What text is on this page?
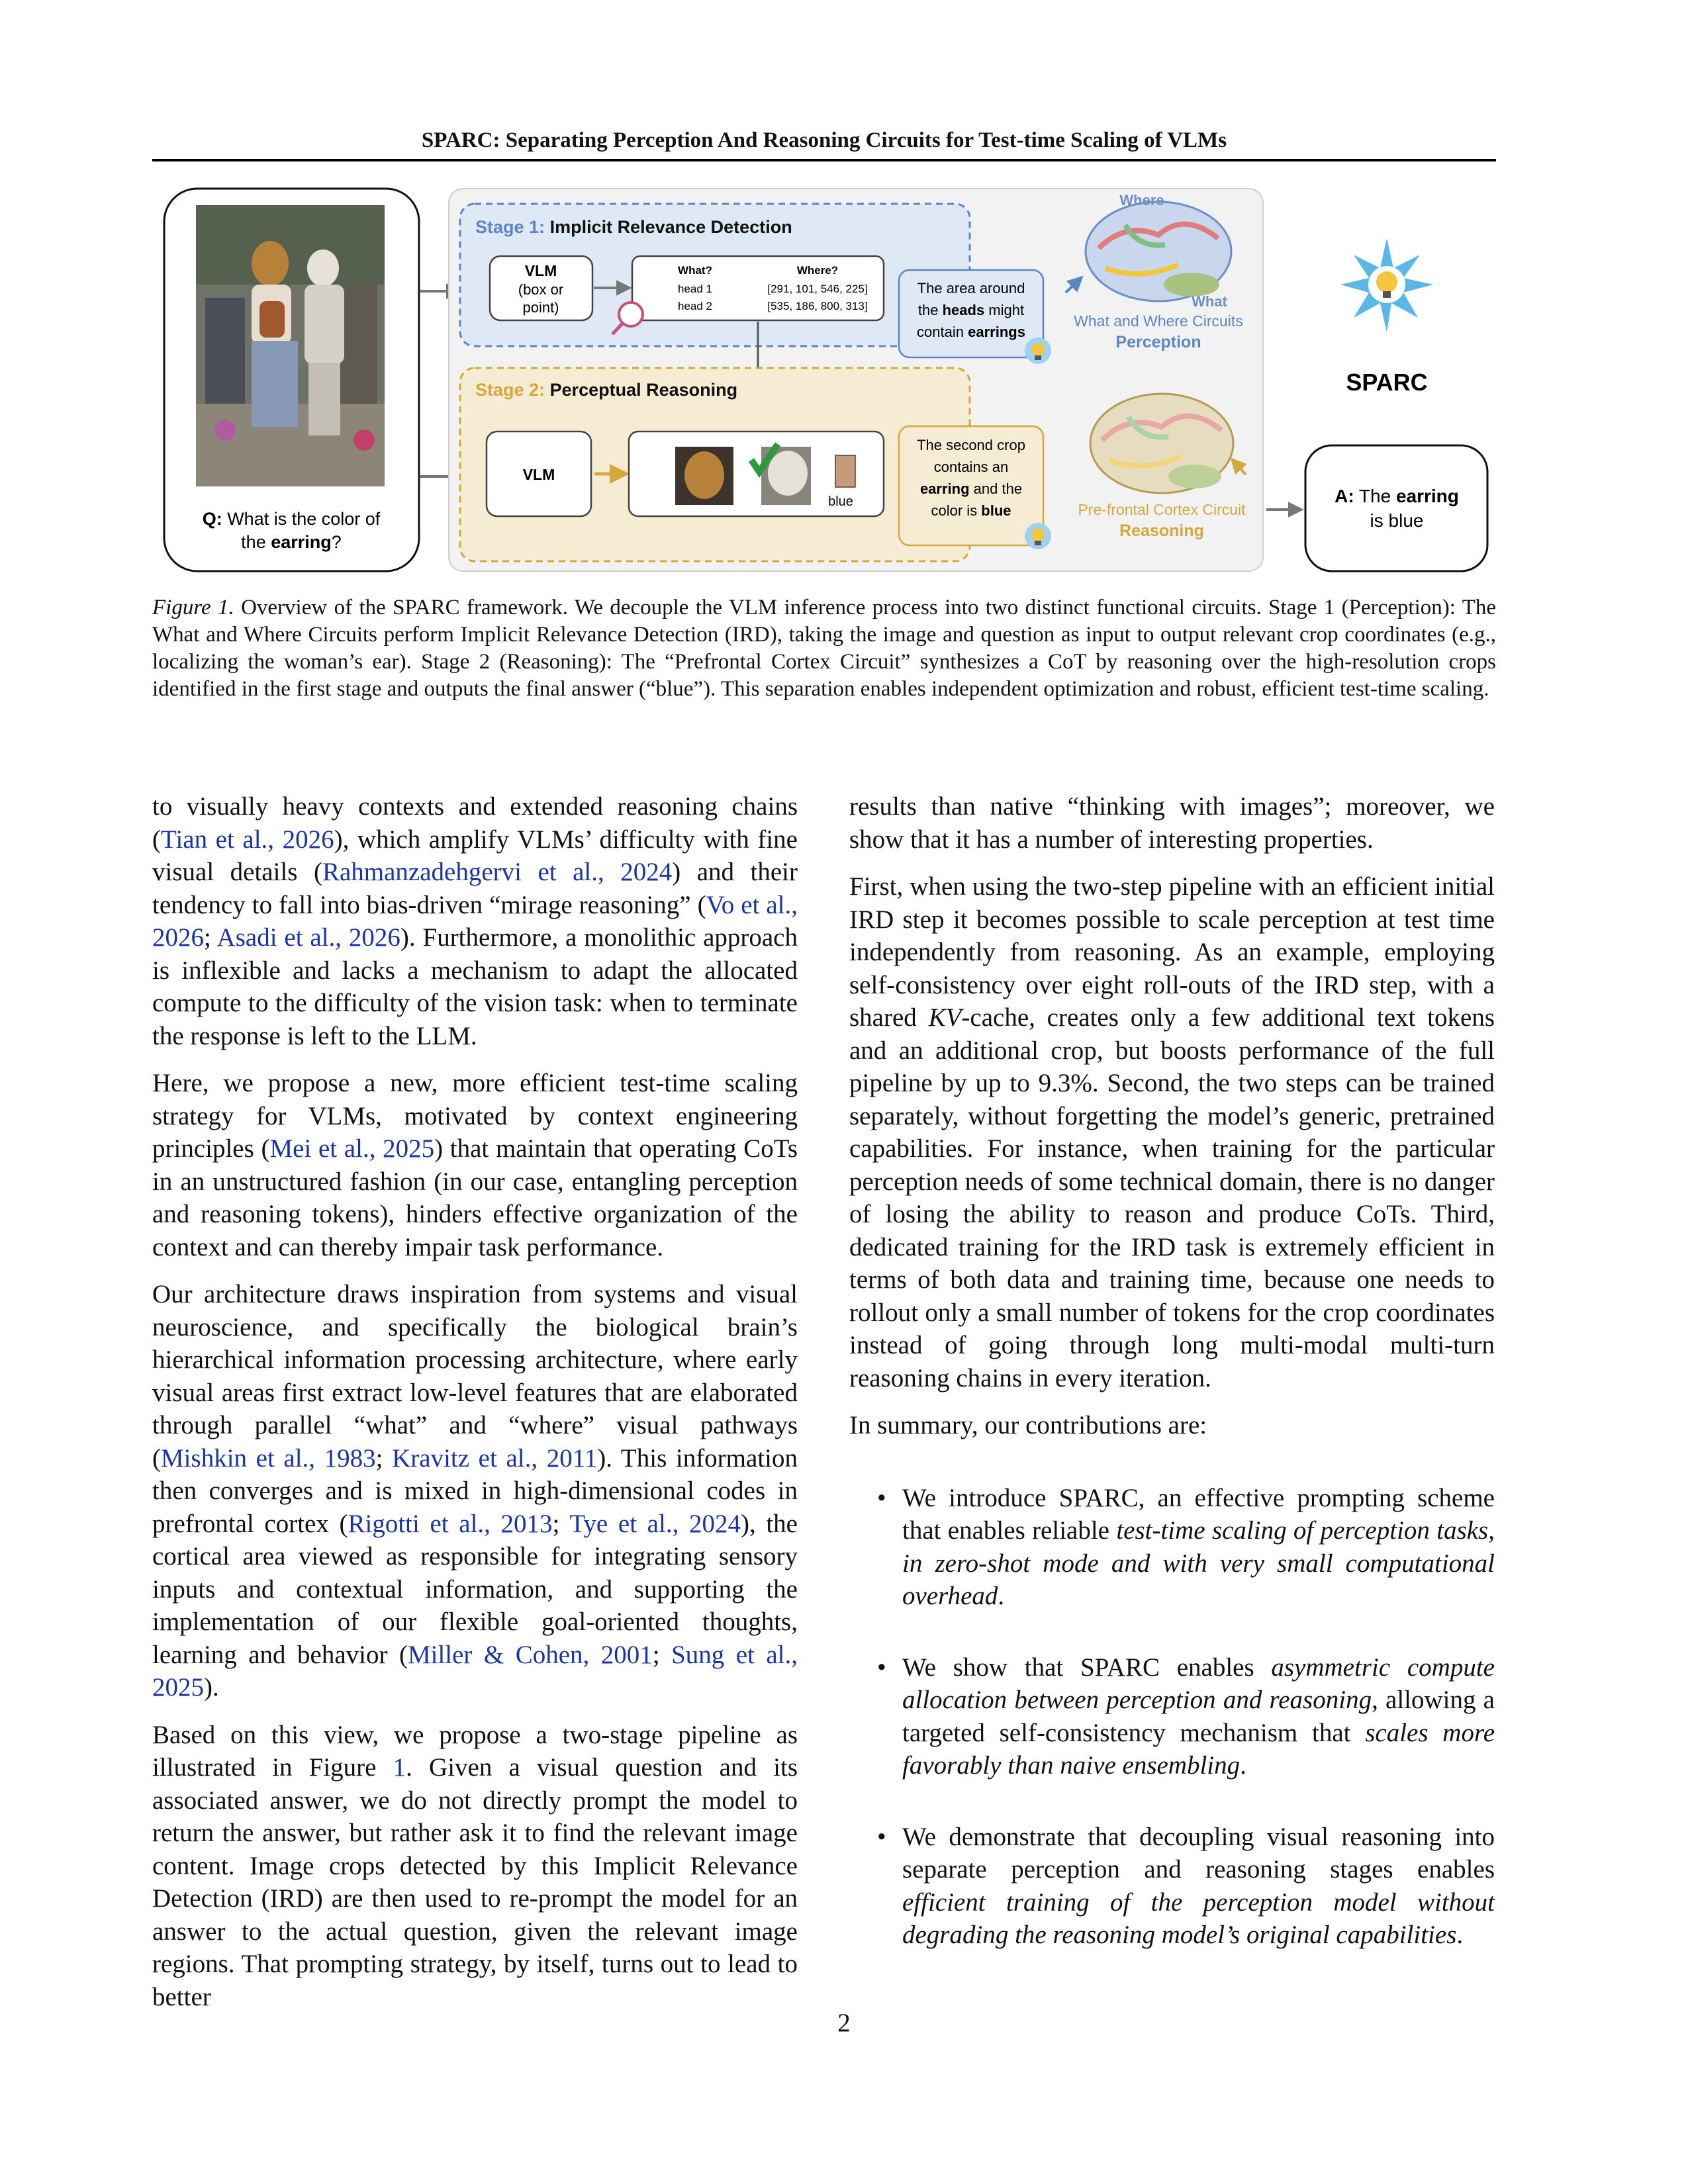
SPARC: Separating Perception And Reasoning Circuits for Test-time Scaling of VLMs
Q: What is the color of
the earring?
Stage 1: Implicit Relevance Detection
VLM
(box or
point)
What?	Where?
head 1	[291, 101, 546, 225]
head 2	[535, 186, 800, 313]
The area around
the heads might
contain earrings
Where
What
What and Where Circuits
Perception
Stage 2: Perceptual Reasoning
VLM
blue
The second crop
contains an
earring and the
color is blue	Pre-frontal Cortex Circuit
Reasoning
SPARC
A: The earring
is blue
Figure 1. Overview of the SPARC framework. We decouple the VLM inference process into two distinct functional circuits. Stage 1 (Perception): The What and Where Circuits perform Implicit Relevance Detection (IRD), taking the image and question as input to output relevant crop coordinates (e.g., localizing the woman’s ear). Stage 2 (Reasoning): The “Prefrontal Cortex Circuit” synthesizes a CoT by reasoning over the high-resolution crops identified in the first stage and outputs the final answer (“blue”). This separation enables independent optimization and robust, efficient test-time scaling.

to visually heavy contexts and extended reasoning chains (Tian et al., 2026), which amplify VLMs’ difficulty with fine visual details (Rahmanzadehgervi et al., 2024) and their tendency to fall into bias-driven “mirage reasoning” (Vo et al., 2026; Asadi et al., 2026). Furthermore, a monolithic approach is inflexible and lacks a mechanism to adapt the allocated compute to the difficulty of the vision task: when to terminate the response is left to the LLM.

Here, we propose a new, more efficient test-time scaling strategy for VLMs, motivated by context engineering principles (Mei et al., 2025) that maintain that operating CoTs in an unstructured fashion (in our case, entangling perception and reasoning tokens), hinders effective organization of the context and can thereby impair task performance.

Our architecture draws inspiration from systems and visual neuroscience, and specifically the biological brain’s hierarchical information processing architecture, where early visual areas first extract low-level features that are elaborated through parallel “what” and “where” visual pathways (Mishkin et al., 1983; Kravitz et al., 2011). This information then converges and is mixed in high-dimensional codes in prefrontal cortex (Rigotti et al., 2013; Tye et al., 2024), the cortical area viewed as responsible for integrating sensory inputs and contextual information, and supporting the implementation of our flexible goal-oriented thoughts, learning and behavior (Miller & Cohen, 2001; Sung et al., 2025).

Based on this view, we propose a two-stage pipeline as illustrated in Figure 1. Given a visual question and its associated answer, we do not directly prompt the model to return the answer, but rather ask it to find the relevant image content. Image crops detected by this Implicit Relevance Detection (IRD) are then used to re-prompt the model for an answer to the actual question, given the relevant image regions. That prompting strategy, by itself, turns out to lead to better

results than native “thinking with images”; moreover, we show that it has a number of interesting properties.

First, when using the two-step pipeline with an efficient initial IRD step it becomes possible to scale perception at test time independently from reasoning. As an example, employing self-consistency over eight roll-outs of the IRD step, with a shared KV-cache, creates only a few additional text tokens and an additional crop, but boosts performance of the full pipeline by up to 9.3%. Second, the two steps can be trained separately, without forgetting the model’s generic, pretrained capabilities. For instance, when training for the particular perception needs of some technical domain, there is no danger of losing the ability to reason and produce CoTs. Third, dedicated training for the IRD task is extremely efficient in terms of both data and training time, because one needs to rollout only a small number of tokens for the crop coordinates instead of going through long multi-modal multi-turn reasoning chains in every iteration.

In summary, our contributions are:

• We introduce SPARC, an effective prompting scheme that enables reliable test-time scaling of perception tasks, in zero-shot mode and with very small computational overhead.
• We show that SPARC enables asymmetric compute allocation between perception and reasoning, allowing a targeted self-consistency mechanism that scales more favorably than naive ensembling.
• We demonstrate that decoupling visual reasoning into separate perception and reasoning stages enables efficient training of the perception model without degrading the reasoning model’s original capabilities.
2
